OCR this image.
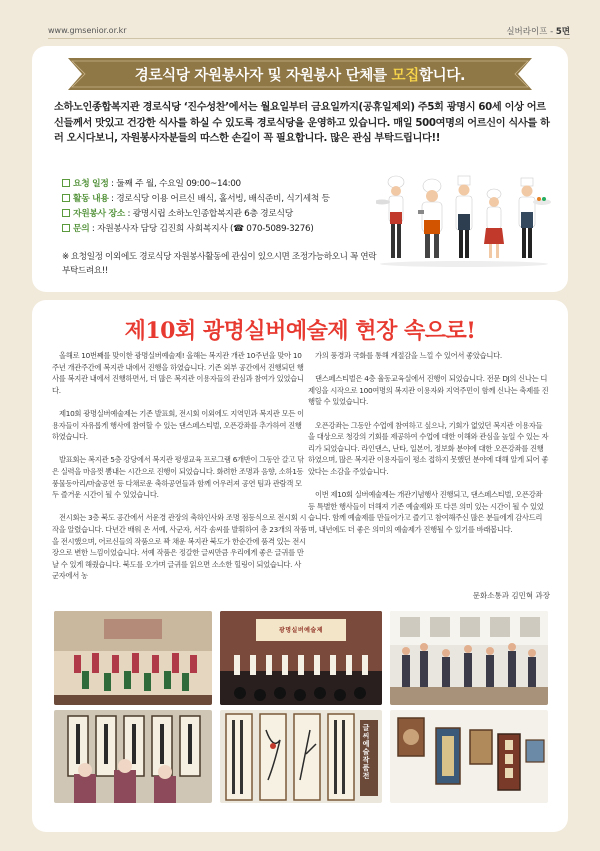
www.gmsenior.or.kr	실버라이프 - 5면
경로식당 자원봉사자 및 자원봉사 단체를 모집합니다.
소하노인종합복지관 경로식당 ‘진수성찬’에서는 월요일부터 금요일까지(공휴일제외) 주5회 광명시 60세 이상 어르신들께서 맛있고 건강한 식사를 하실 수 있도록 경로식당을 운영하고 있습니다. 매일 500여명의 어르신이 식사를 하러 오시다보니, 자원봉사자분들의 따스한 손길이 꼭 필요합니다. 많은 관심 부탁드립니다!!
요청 일정 : 둘째 주 월, 수요일 09:00~14:00
활동 내용 : 경로식당 이용 어르신 배식, 홀서빙, 배식준비, 식기세척 등
자원봉사 장소 : 광명시립 소하노인종합복지관 6층 경로식당
문의 : 자원봉사자 담당 김진희 사회복지사 (☎ 070-5089-3276)
※ 요청일정 이외에도 경로식당 자원봉사활동에 관심이 있으시면 조정가능하오니 꼭 연락 부탁드려요!!
제10회 광명실버예술제 현장 속으로!

올해로 10번째를 맞이한 광명실버예술제! 올해는 복지관 개관 10주년을 맞아 10주년 개관주간에 복지관 내에서 진행을 하였습니다. 기존 외부 공간에서 진행되던 행사를 복지관 내에서 진행하면서, 더 많은 복지관 이용자들의 관심과 참여가 있었습니다.

제10회 광명실버예술제는 기존 발표회, 전시회 이외에도 지역민과 복지관 모든 이용자들이 자유롭게 행사에 참여할 수 있는 댄스페스티벌, 오픈강좌를 추가하여 진행하였습니다.

발표회는 복지관 5층 강당에서 복지관 평생교육 프로그램 6개반이 그동안 갈고 닦은 실력을 마음껏 뽐내는 시간으로 진행이 되었습니다. 화려한 조명과 음향, 소하1동 풍물동아리/마술공연 등 다채로운 축하공연들과 함께 어우러져 공연 팀과 관람객 모두 즐거운 시간이 될 수 있었습니다.

전시회는 3층 북도 공간에서 서운경 관장의 축하인사와 조명 점등식으로 전시회 시작을 알렸습니다. 다년간 배워 온 서예, 사군자, 서각 솜씨를 발휘하여 총 23개의 작품을 전시했으며, 어르신들의 작품으로 꽉 채운 복지관 북도가 한순간에 품격 있는 전시장으로 변한 느낌이었습니다. 서예 작품은 정갈한 글씨만큼 우리에게 좋은 글귀를 만날 수 있게 해줬습니다. 북도를 오가며 글귀를 읽으면 소소한 힐링이 되었습니다. 사군자에서 농

가의 풍경과 국화를 통해 계절감을 느낄 수 있어서 좋았습니다.

댄스페스티벌은 4층 율동교육실에서 진행이 되었습니다. 전문 DJ의 신나는 디제잉을 시작으로 100여명의 복지관 이용자와 지역주민이 함께 신나는 축제를 진행할 수 있었습니다.

오픈강좌는 그동안 수업에 참여하고 싶으나, 기회가 없었던 복지관 이용자들을 대상으로 청강의 기회를 제공하여 수업에 대한 이해와 관심을 높일 수 있는 자리가 되었습니다. 라인댄스, 난타, 일본어, 정보화 분야에 대한 오픈강좌를 진행하였으며, 많은 복지관 이용자들이 평소 접하지 못했던 분야에 대해 알게 되어 좋았다는 소감을 주었습니다.

이번 제10회 실버예술제는 개관기념행사 진행되고, 댄스페스티벌, 오픈강좌 등 특별한 행사들이 더해져 기존 예술제와 또 다른 의미 있는 시간이 될 수 있었습니다. 함께 예술제를 만들어가고 즐기고 참여해주신 많은 분들에게 감사드리며, 내년에도 더 좋은 의미의 예술제가 진행될 수 있기를 바래봅니다.

문화소통과 김민혁 과장
광명실버예술제
글씨예술작품전
